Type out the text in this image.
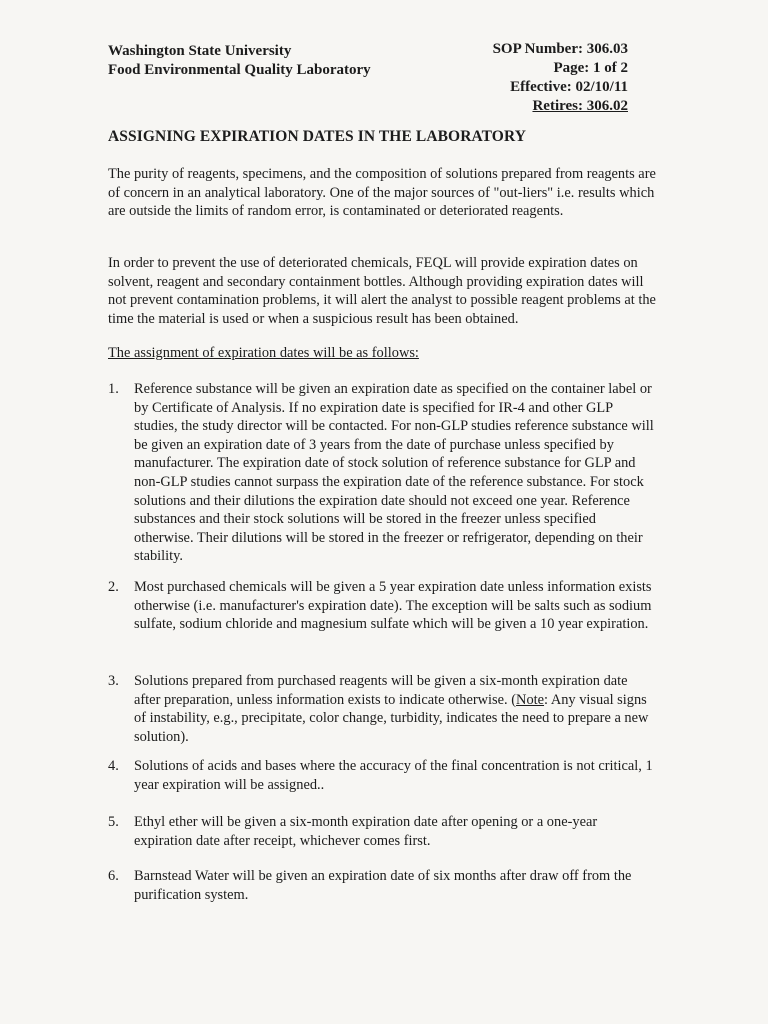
Washington State University
Food Environmental Quality Laboratory
SOP Number: 306.03
Page: 1 of 2
Effective: 02/10/11
Retires: 306.02
ASSIGNING EXPIRATION DATES IN THE LABORATORY
The purity of reagents, specimens, and the composition of solutions prepared from reagents are of concern in an analytical laboratory. One of the major sources of "out-liers" i.e. results which are outside the limits of random error, is contaminated or deteriorated reagents.
In order to prevent the use of deteriorated chemicals, FEQL will provide expiration dates on solvent, reagent and secondary containment bottles. Although providing expiration dates will not prevent contamination problems, it will alert the analyst to possible reagent problems at the time the material is used or when a suspicious result has been obtained.
The assignment of expiration dates will be as follows:
1.	Reference substance will be given an expiration date as specified on the container label or by Certificate of Analysis. If no expiration date is specified for IR-4 and other GLP studies, the study director will be contacted. For non-GLP studies reference substance will be given an expiration date of 3 years from the date of purchase unless specified by manufacturer. The expiration date of stock solution of reference substance for GLP and non-GLP studies cannot surpass the expiration date of the reference substance. For stock solutions and their dilutions the expiration date should not exceed one year. Reference substances and their stock solutions will be stored in the freezer unless specified otherwise. Their dilutions will be stored in the freezer or refrigerator, depending on their stability.
2.	Most purchased chemicals will be given a 5 year expiration date unless information exists otherwise (i.e. manufacturer's expiration date). The exception will be salts such as sodium sulfate, sodium chloride and magnesium sulfate which will be given a 10 year expiration.
3.	Solutions prepared from purchased reagents will be given a six-month expiration date after preparation, unless information exists to indicate otherwise. (Note: Any visual signs of instability, e.g., precipitate, color change, turbidity, indicates the need to prepare a new solution).
4.	Solutions of acids and bases where the accuracy of the final concentration is not critical, 1 year expiration will be assigned..
5.	Ethyl ether will be given a six-month expiration date after opening or a one-year expiration date after receipt, whichever comes first.
6.	Barnstead Water will be given an expiration date of six months after draw off from the purification system.
